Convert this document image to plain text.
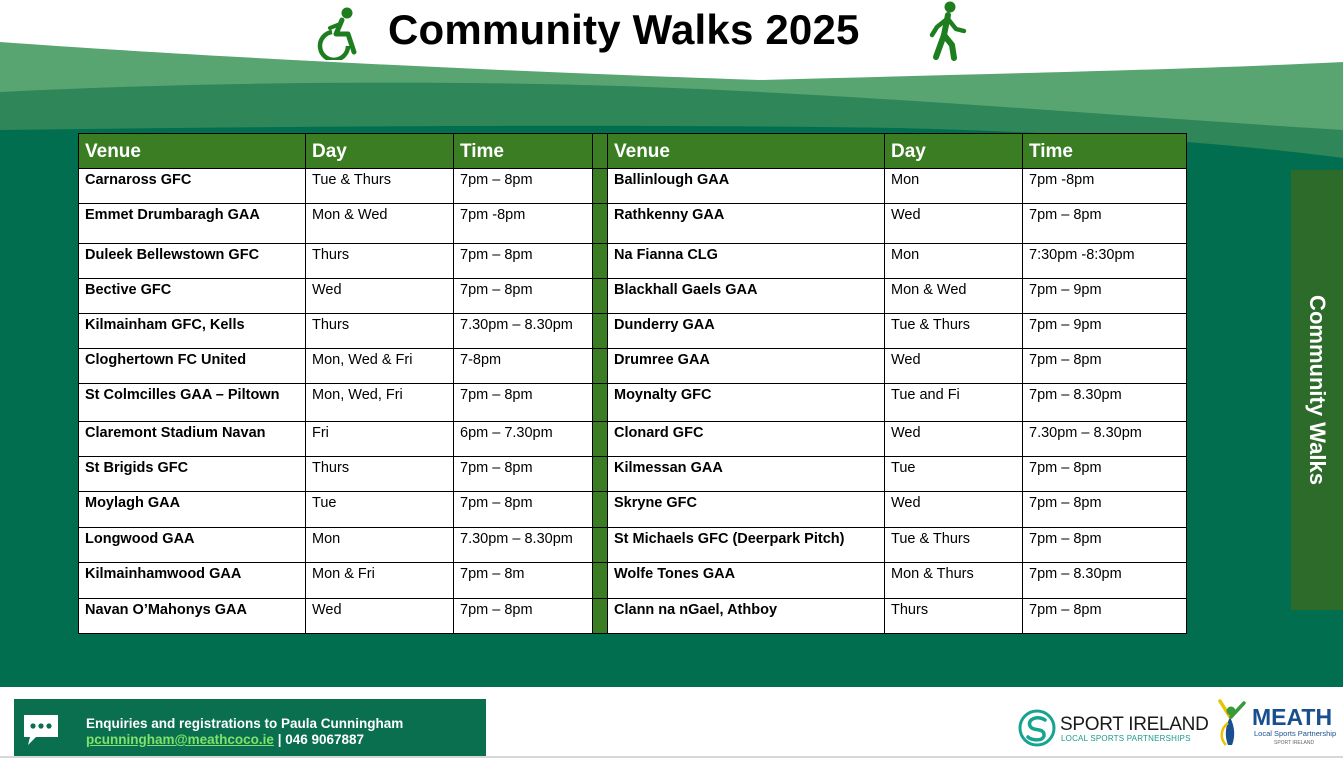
Community Walks 2025
Venue	Day	Time		Venue	Day	Time
Carnaross GFC	Tue & Thurs	7pm – 8pm		Ballinlough GAA	Mon	7pm -8pm
Emmet Drumbaragh GAA	Mon & Wed	7pm -8pm		Rathkenny GAA	Wed	7pm – 8pm
Duleek Bellewstown GFC	Thurs	7pm – 8pm		Na Fianna CLG	Mon	7:30pm -8:30pm
Bective GFC	Wed	7pm – 8pm		Blackhall Gaels GAA	Mon & Wed	7pm – 9pm
Kilmainham GFC, Kells	Thurs	7.30pm – 8.30pm		Dunderry GAA	Tue & Thurs	7pm – 9pm
Cloghertown FC United	Mon, Wed & Fri	7-8pm		Drumree GAA	Wed	7pm – 8pm
St Colmcilles GAA – Piltown	Mon, Wed, Fri	7pm – 8pm		Moynalty GFC	Tue and Fi	7pm – 8.30pm
Claremont Stadium Navan	Fri	6pm – 7.30pm		Clonard GFC	Wed	7.30pm – 8.30pm
St Brigids GFC	Thurs	7pm – 8pm		Kilmessan GAA	Tue	7pm – 8pm
Moylagh GAA	Tue	7pm – 8pm		Skryne GFC	Wed	7pm – 8pm
Longwood GAA	Mon	7.30pm – 8.30pm		St Michaels GFC (Deerpark Pitch)	Tue & Thurs	7pm – 8pm
Kilmainhamwood GAA	Mon & Fri	7pm – 8m		Wolfe Tones GAA	Mon & Thurs	7pm – 8.30pm
Navan O’Mahonys GAA	Wed	7pm – 8pm		Clann na nGael, Athboy	Thurs	7pm – 8pm
Community Walks
Enquiries and registrations to Paula Cunningham
pcunningham@meathcoco.ie | 046 9067887
SPORT IRELAND
LOCAL SPORTS PARTNERSHIPS
MEATH
Local Sports Partnership
SPORT IRELAND
